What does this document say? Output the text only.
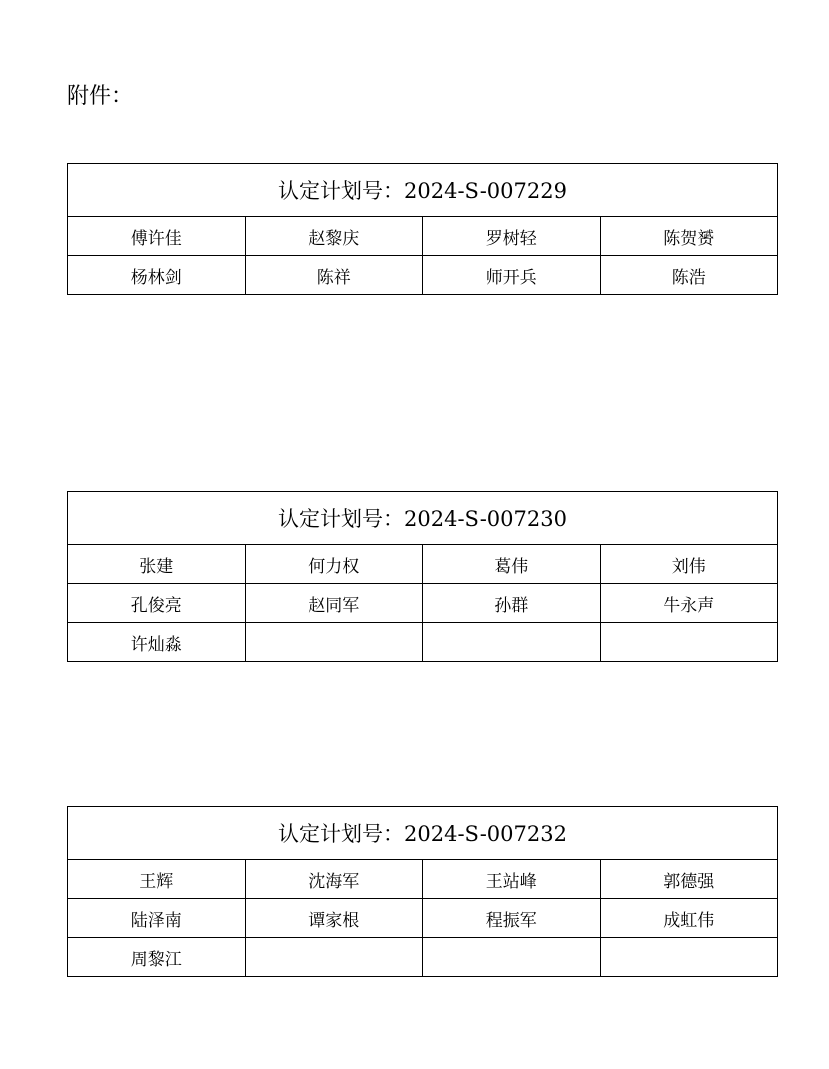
附件：
认定计划号：2024-S-007229			
傅许佳	赵黎庆	罗树轻	陈贺赟
杨林剑	陈祥	师开兵	陈浩
认定计划号：2024-S-007230			
张建	何力权	葛伟	刘伟
孔俊亮	赵同军	孙群	牛永声
许灿淼			
认定计划号：2024-S-007232			
王辉	沈海军	王站峰	郭德强
陆泽南	谭家根	程振军	成虹伟
周黎江			
